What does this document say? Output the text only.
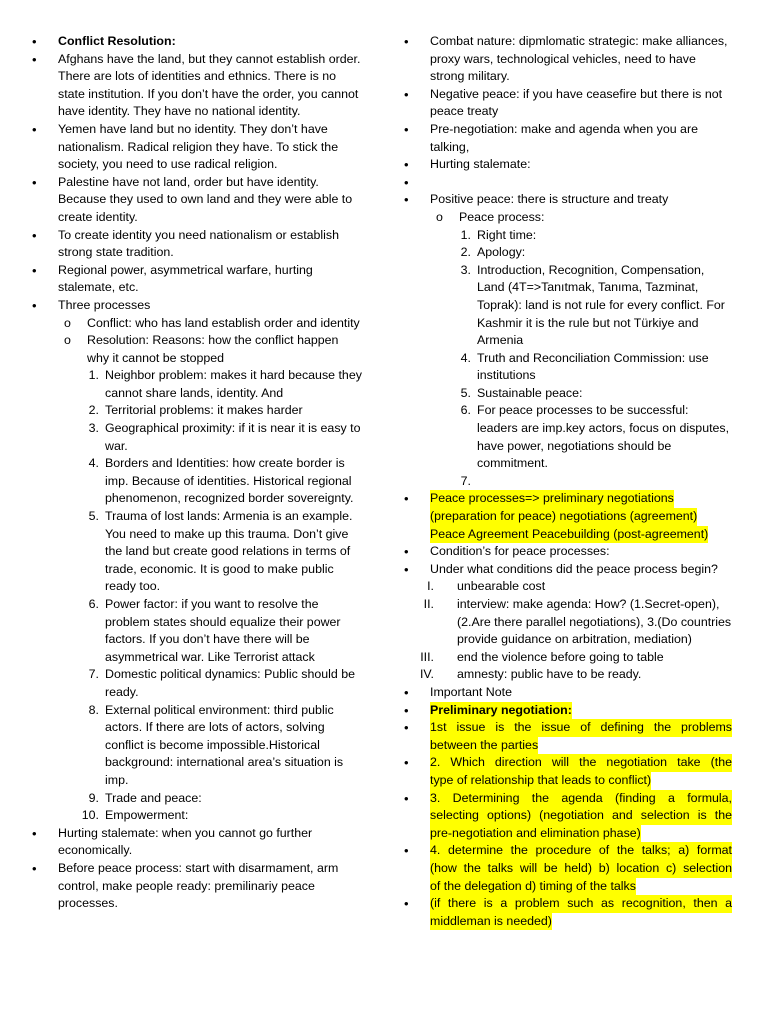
• Conflict Resolution:
• Afghans have the land, but they cannot establish order. There are lots of identities and ethnics. There is no state institution. If you don’t have the order, you cannot have identity. They have no national identity.
• Yemen have land but no identity. They don’t have nationalism. Radical religion they have. To stick the society, you need to use radical religion.
• Palestine have not land, order but have identity. Because they used to own land and they were able to create identity.
• To create identity you need nationalism or establish strong state tradition.
• Regional power, asymmetrical warfare, hurting stalemate, etc.
• Three processes
o Conflict: who has land establish order and identity
o Resolution: Reasons: how the conflict happen why it cannot be stopped
1. Neighbor problem: makes it hard because they cannot share lands, identity. And
2. Territorial problems: it makes harder
3. Geographical proximity: if it is near it is easy to war.
4. Borders and Identities: how create border is imp. Because of identities. Historical regional phenomenon, recognized border sovereignty.
5. Trauma of lost lands: Armenia is an example. You need to make up this trauma. Don’t give the land but create good relations in terms of trade, economic. It is good to make public ready too.
6. Power factor: if you want to resolve the problem states should equalize their power factors. If you don’t have there will be asymmetrical war. Like Terrorist attack
7. Domestic political dynamics: Public should be ready.
8. External political environment: third public actors. If there are lots of actors, solving conflict is become impossible.Historical background: international area’s situation is imp.
9. Trade and peace:
10. Empowerment:
• Hurting stalemate: when you cannot go further economically.
• Before peace process: start with disarmament, arm control, make people ready: premilinariy peace processes.
• Combat nature: dipmlomatic strategic: make alliances, proxy wars, technological vehicles, need to have strong military.
• Negative peace: if you have ceasefire but there is not peace treaty
• Pre-negotiation: make and agenda when you are talking,
• Hurting stalemate:
•
• Positive peace: there is structure and treaty
o Peace process:
1. Right time:
2. Apology:
3. Introduction, Recognition, Compensation, Land (4T=>Tanıtmak, Tanıma, Tazminat, Toprak): land is not rule for every conflict. For Kashmir it is the rule but not Türkiye and Armenia
4. Truth and Reconciliation Commission: use institutions
5. Sustainable peace:
6. For peace processes to be successful: leaders are imp.key actors, focus on disputes, have power, negotiations should be commitment.
7.

• Peace processes=> preliminary negotiations
(preparation for peace) negotiations (agreement)
Peace Agreement Peacebuilding (post-agreement)
• Condition’s for peace processes:
• Under what conditions did the peace process begin?
I. unbearable cost
II. interview: make agenda: How? (1.Secret-open), (2.Are there parallel negotiations), 3.(Do countries provide guidance on arbitration, mediation)
III. end the violence before going to table
IV. amnesty: public have to be ready.
• Important Note
• Preliminary negotiation:
• 1st issue is the issue of defining the problems
between the parties
• 2. Which direction will the negotiation take (the
type of relationship that leads to conflict)
• 3. Determining the agenda (finding a formula,
selecting options) (negotiation and selection is the
pre-negotiation and elimination phase)
• 4. determine the procedure of the talks; a) format
(how the talks will be held) b) location c) selection
of the delegation d) timing of the talks
• (if there is a problem such as recognition, then a
middleman is needed)
